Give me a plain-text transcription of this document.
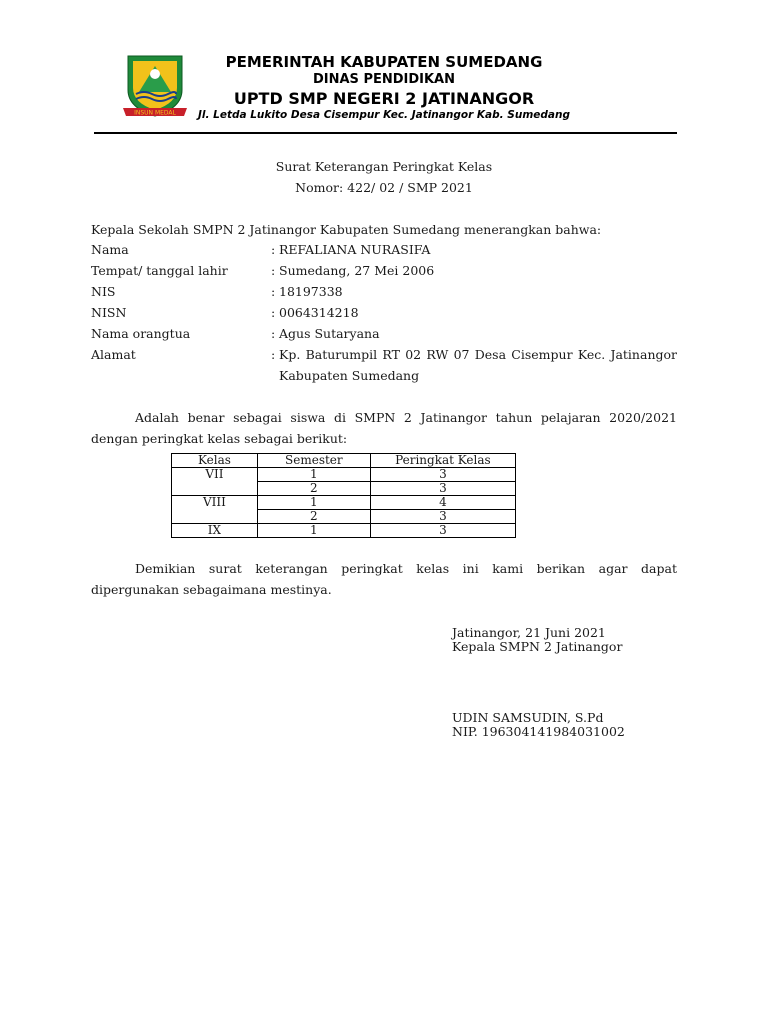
INSUN MEDAL
PEMERINTAH KABUPATEN SUMEDANG
DINAS PENDIDIKAN
UPTD SMP NEGERI 2 JATINANGOR
Jl. Letda Lukito Desa Cisempur Kec. Jatinangor Kab. Sumedang
Surat Keterangan Peringkat Kelas
Nomor: 422/ 02 / SMP 2021
Kepala Sekolah SMPN 2 Jatinangor Kabupaten Sumedang menerangkan bahwa:
Nama	: REFALIANA NURASIFA
Tempat/ tanggal lahir	: Sumedang, 27 Mei 2006
NIS	: 18197338
NISN	: 0064314218
Nama orangtua	: Agus Sutaryana
Alamat	: Kp. Baturumpil RT 02 RW 07 Desa Cisempur Kec. Jatinangor Kabupaten Sumedang
Adalah benar sebagai siswa di SMPN 2 Jatinangor tahun pelajaran 2020/2021 dengan peringkat kelas sebagai berikut:
Kelas	Semester	Peringkat Kelas
VII	1	3
	2	3
VIII	1	4
	2	3
IX	1	3
Demikian surat keterangan peringkat kelas ini kami berikan agar dapat dipergunakan sebagaimana mestinya.
Jatinangor, 21 Juni 2021
Kepala SMPN 2 Jatinangor
UDIN SAMSUDIN, S.Pd
NIP. 196304141984031002
